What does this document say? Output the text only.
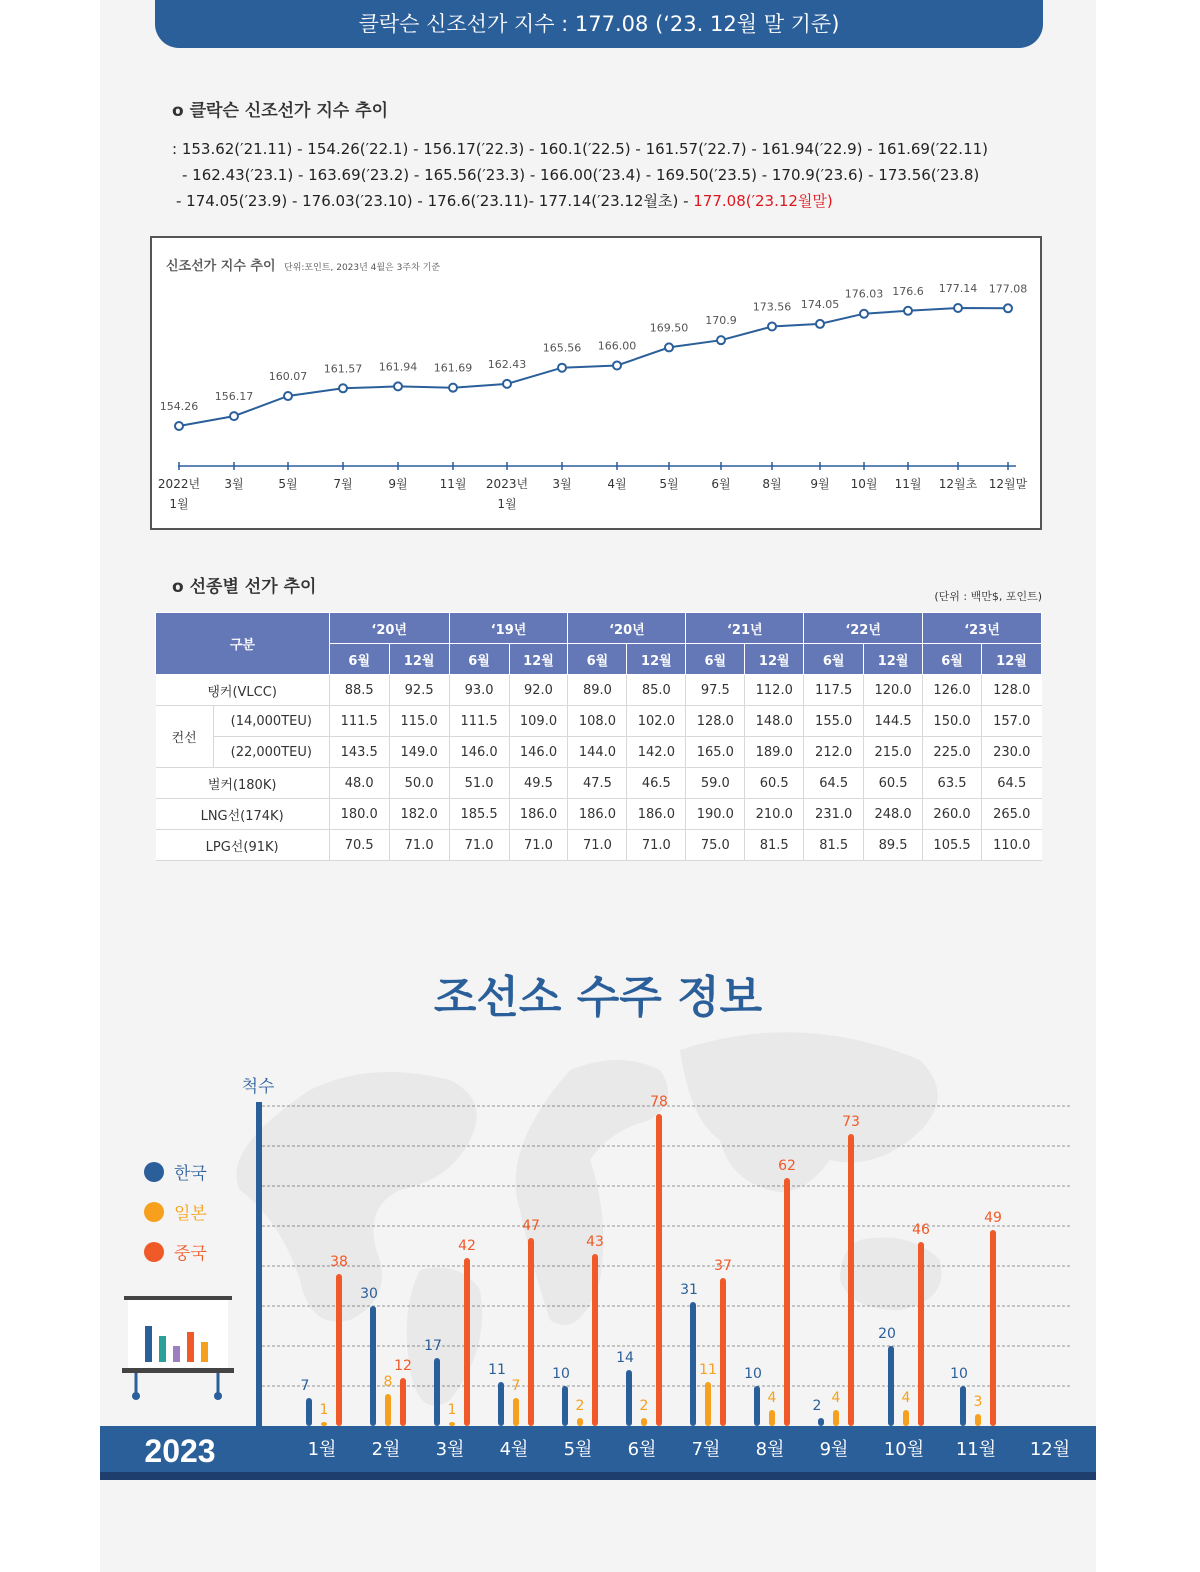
클락슨 신조선가 지수 : 177.08 (‘23. 12월 말 기준)
o 클락슨 신조선가 지수 추이
: 153.62(′21.11) - 154.26(′22.1) - 156.17(′22.3) - 160.1(′22.5) - 161.57(′22.7) - 161.94(′22.9) - 161.69(′22.11)
- 162.43(′23.1) - 163.69(′23.2) - 165.56(′23.3) - 166.00(′23.4) - 169.50(′23.5) - 170.9(′23.6) - 173.56(′23.8)
- 174.05(′23.9) - 176.03(′23.10) - 176.6(′23.11)- 177.14(′23.12월초) - 177.08(′23.12월말)
신조선가 지수 추이 단위:포인트, 2023년 4월은 3주차 기준
154.26
2022년
1월
156.17
3월
160.07
5월
161.57
7월
161.94
9월
161.69
11월
162.43
2023년
1월
165.56
3월
166.00
4월
169.50
5월
170.9
6월
173.56
8월
174.05
9월
176.03
10월
176.6
11월
177.14
12월초
177.08
12월말
o 선종별 선가 추이	(단위 : 백만$, 포인트)
구분		‘20년		‘19년		‘20년		‘21년		‘22년		‘23년	
		6월	12월	6월	12월	6월	12월	6월	12월	6월	12월	6월	12월
탱커(VLCC)		88.5	92.5	93.0	92.0	89.0	85.0	97.5	112.0	117.5	120.0	126.0	128.0
컨선	(14,000TEU)	111.5	115.0	111.5	109.0	108.0	102.0	128.0	148.0	155.0	144.5	150.0	157.0
	(22,000TEU)	143.5	149.0	146.0	146.0	144.0	142.0	165.0	189.0	212.0	215.0	225.0	230.0
벌커(180K)		48.0	50.0	51.0	49.5	47.5	46.5	59.0	60.5	64.5	60.5	63.5	64.5
LNG선(174K)		180.0	182.0	185.5	186.0	186.0	186.0	190.0	210.0	231.0	248.0	260.0	265.0
LPG선(91K)		70.5	71.0	71.0	71.0	71.0	71.0	75.0	81.5	81.5	89.5	105.5	110.0
조선소 수주 정보
척수
한국
일본
중국
2023	1월
7
1
38
2월
30
8
12
3월
17
1
42
4월
11
7
47
5월
10
2
43
6월
14
2
78
7월
31
11
37
8월
10
4
62
9월
2 4
73
10월
20
4
46
11월
10
3
49
12월
